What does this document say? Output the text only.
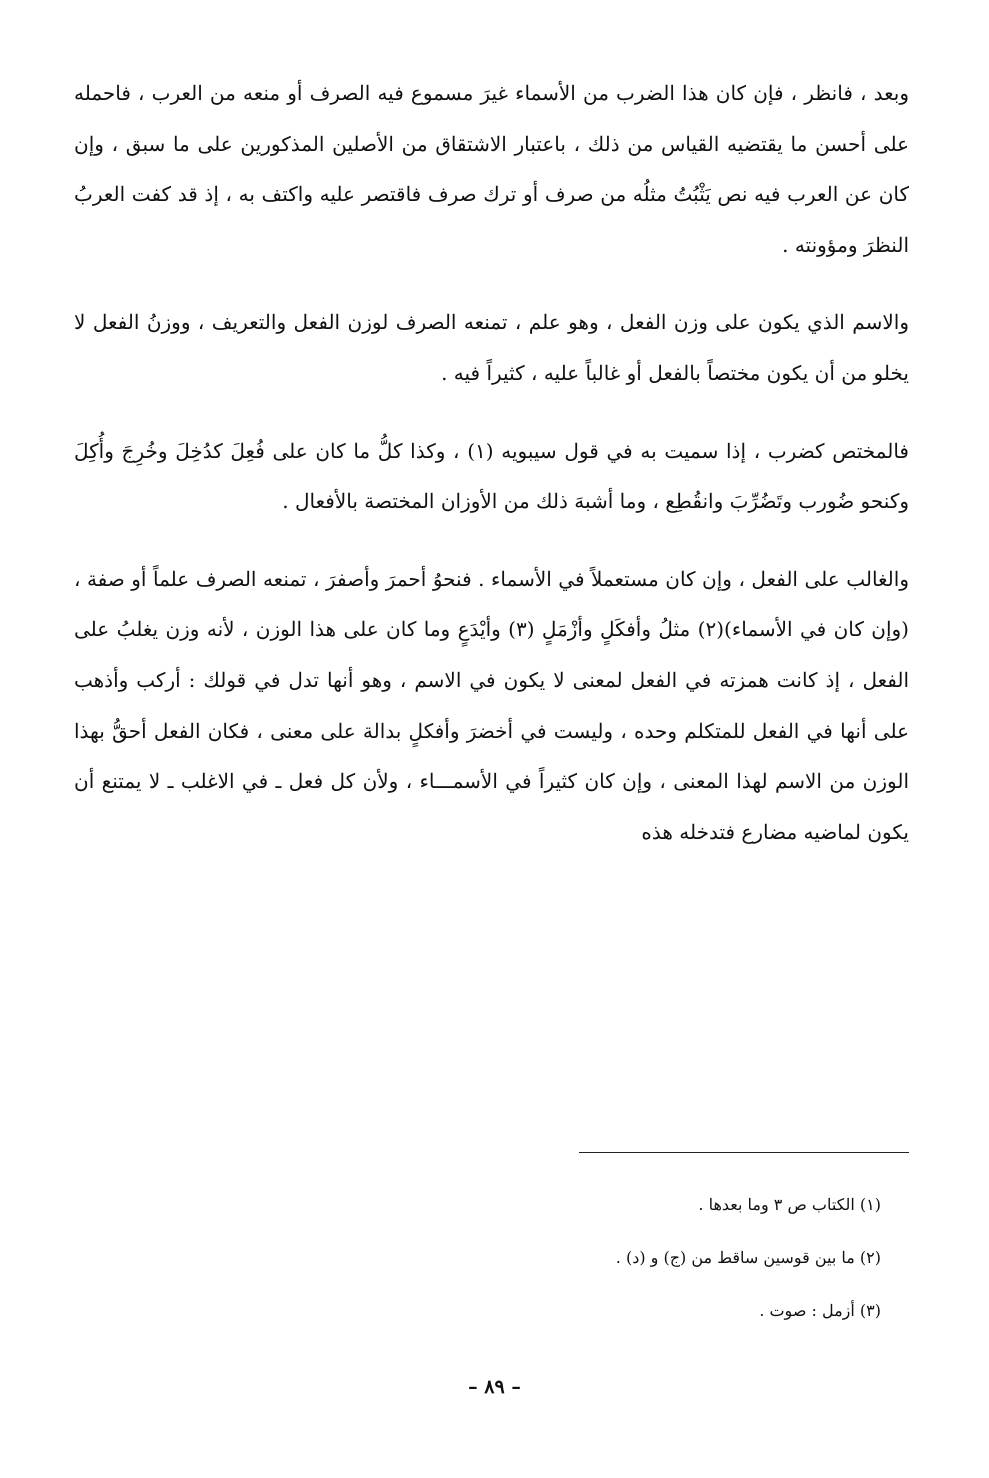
وبعد ، فانظر ، فإن كان هذا الضرب من الأسماء غيرَ مسموع فيه الصرف أو منعه من العرب ، فاحمله على أحسن ما يقتضيه القياس من ذلك ، باعتبار الاشتقاق من الأصلين المذكورين على ما سبق ، وإن كان عن العرب فيه نص يَثْبُتُ مثلُه من صرف أو ترك صرف فاقتصر عليه واكتف به ، إذ قد كفت العربُ النظرَ ومؤونته .

والاسم الذي يكون على وزن الفعل ، وهو علم ، تمنعه الصرف لوزن الفعل والتعريف ، ووزنُ الفعل لا يخلو من أن يكون مختصاً بالفعل أو غالباً عليه ، كثيراً فيه .

فالمختص كضرب ، إذا سميت به في قول سيبويه (١) ، وكذا كلُّ ما كان على فُعِلَ كدُخِلَ وخُرِجَ وأُكِلَ وكنحو ضُورب وتَضُرِّبَ وانقُطِع ، وما أشبهَ ذلك من الأوزان المختصة بالأفعال .

والغالب على الفعل ، وإن كان مستعملاً في الأسماء . فنحوُ أحمرَ وأصفرَ ، تمنعه الصرف علماً أو صفة ، (وإن كان في الأسماء)(٢) مثلُ وأفكَلٍ وأزْمَلٍ (٣) وأيْدَعٍ وما كان على هذا الوزن ، لأنه وزن يغلبُ على الفعل ، إذ كانت همزته في الفعل لمعنى لا يكون في الاسم ، وهو أنها تدل في قولك : أركب وأذهب على أنها في الفعل للمتكلم وحده ، وليست في أخضرَ وأفكلٍ بدالة على معنى ، فكان الفعل أحقُّ بهذا الوزن من الاسم لهذا المعنى ، وإن كان كثيراً في الأسمـــاء ، ولأن كل فعل ـ في الاغلب ـ لا يمتنع أن يكون لماضيه مضارع فتدخله هذه

(١) الكتاب ص ٣ وما بعدها .
(٢) ما بين قوسين ساقط من (ج) و (د) .
(٣) أزمل : صوت .
– ٨٩ –
